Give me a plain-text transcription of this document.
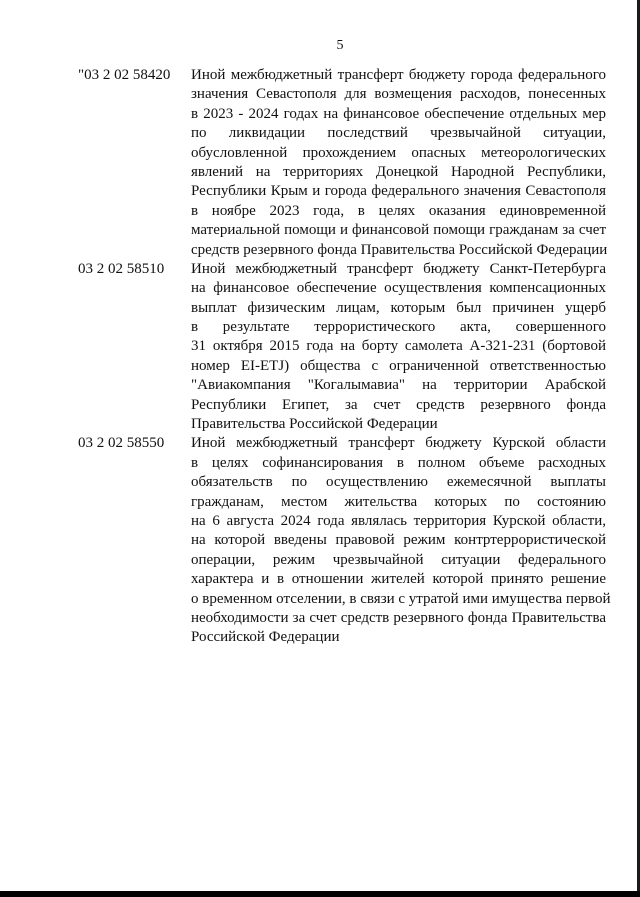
5
"03 2 02 58420	Иной межбюджетный трансферт бюджету города федерального
значения Севастополя для возмещения расходов, понесенных
в 2023 - 2024 годах на финансовое обеспечение отдельных мер
по ликвидации последствий чрезвычайной ситуации,
обусловленной прохождением опасных метеорологических
явлений на территориях Донецкой Народной Республики,
Республики Крым и города федерального значения Севастополя
в ноябре 2023 года, в целях оказания единовременной
материальной помощи и финансовой помощи гражданам за счет
средств резервного фонда Правительства Российской Федерации
03 2 02 58510	Иной межбюджетный трансферт бюджету Санкт-Петербурга
на финансовое обеспечение осуществления компенсационных
выплат физическим лицам, которым был причинен ущерб
в результате террористического акта, совершенного
31 октября 2015 года на борту самолета А-321-231 (бортовой
номер EI-ETJ) общества с ограниченной ответственностью
"Авиакомпания "Когалымавиа" на территории Арабской
Республики Египет, за счет средств резервного фонда
Правительства Российской Федерации
03 2 02 58550	Иной межбюджетный трансферт бюджету Курской области
в целях софинансирования в полном объеме расходных
обязательств по осуществлению ежемесячной выплаты
гражданам, местом жительства которых по состоянию
на 6 августа 2024 года являлась территория Курской области,
на которой введены правовой режим контртеррористической
операции, режим чрезвычайной ситуации федерального
характера и в отношении жителей которой принято решение
о временном отселении, в связи с утратой ими имущества первой
необходимости за счет средств резервного фонда Правительства
Российской Федерации
